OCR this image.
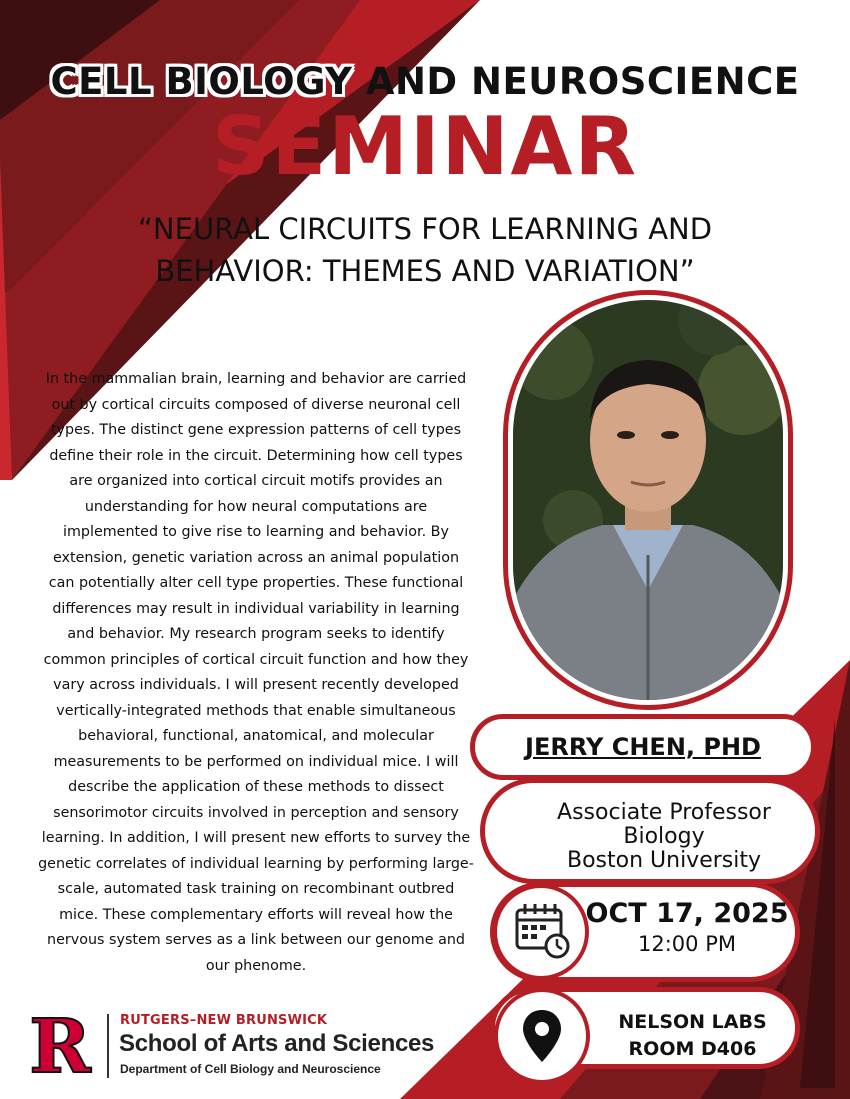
CELL BIOLOGY AND NEUROSCIENCE
SEMINAR
“NEURAL CIRCUITS FOR LEARNING AND
BEHAVIOR: THEMES AND VARIATION”
In the mammalian brain, learning and behavior are carried out by cortical circuits composed of diverse neuronal cell types. The distinct gene expression patterns of cell types define their role in the circuit. Determining how cell types are organized into cortical circuit motifs provides an understanding for how neural computations are implemented to give rise to learning and behavior. By extension, genetic variation across an animal population can potentially alter cell type properties. These functional differences may result in individual variability in learning and behavior. My research program seeks to identify common principles of cortical circuit function and how they vary across individuals. I will present recently developed vertically-integrated methods that enable simultaneous behavioral, functional, anatomical, and molecular measurements to be performed on individual mice. I will describe the application of these methods to dissect sensorimotor circuits involved in perception and sensory learning. In addition, I will present new efforts to survey the genetic correlates of individual learning by performing large-scale, automated task training on recombinant outbred mice. These complementary efforts will reveal how the nervous system serves as a link between our genome and our phenome.
JERRY CHEN, PHD
Associate Professor
Biology
Boston University
OCT 17, 2025
12:00 PM
NELSON LABS
ROOM D406
R RUTGERS–NEW BRUNSWICK
School of Arts and Sciences
Department of Cell Biology and Neuroscience
